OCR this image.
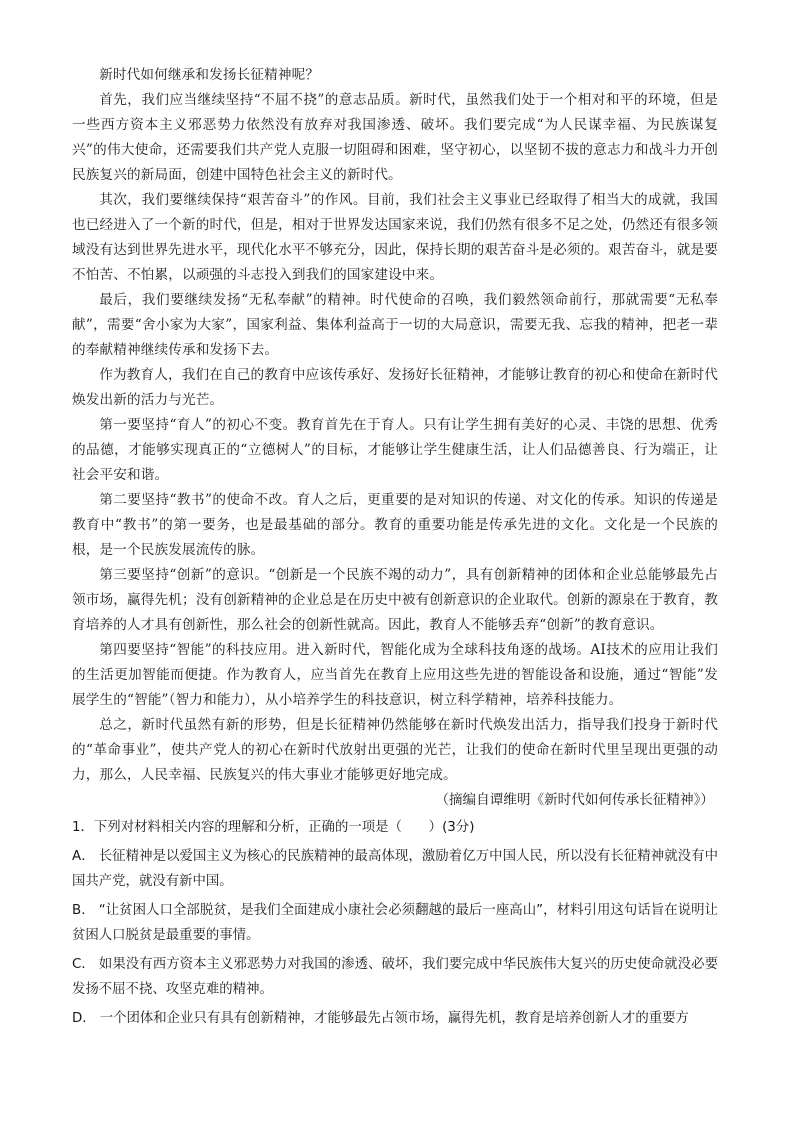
新时代如何继承和发扬长征精神呢？

首先，我们应当继续坚持“不屈不挠”的意志品质。新时代，虽然我们处于一个相对和平的环境，但是一些西方资本主义邪恶势力依然没有放弃对我国渗透、破坏。我们要完成“为人民谋幸福、为民族谋复兴”的伟大使命，还需要我们共产党人克服一切阻碍和困难，坚守初心，以坚韧不拔的意志力和战斗力开创民族复兴的新局面，创建中国特色社会主义的新时代。

其次，我们要继续保持“艰苦奋斗”的作风。目前，我们社会主义事业已经取得了相当大的成就，我国也已经进入了一个新的时代，但是，相对于世界发达国家来说，我们仍然有很多不足之处，仍然还有很多领域没有达到世界先进水平，现代化水平不够充分，因此，保持长期的艰苦奋斗是必须的。艰苦奋斗，就是要不怕苦、不怕累，以顽强的斗志投入到我们的国家建设中来。

最后，我们要继续发扬“无私奉献”的精神。时代使命的召唤，我们毅然领命前行，那就需要“无私奉献”，需要“舍小家为大家”，国家利益、集体利益高于一切的大局意识，需要无我、忘我的精神，把老一辈的奉献精神继续传承和发扬下去。

作为教育人，我们在自己的教育中应该传承好、发扬好长征精神，才能够让教育的初心和使命在新时代焕发出新的活力与光芒。

第一要坚持“育人”的初心不变。教育首先在于育人。只有让学生拥有美好的心灵、丰饶的思想、优秀的品德，才能够实现真正的“立德树人”的目标，才能够让学生健康生活，让人们品德善良、行为端正，让社会平安和谐。

第二要坚持“教书”的使命不改。育人之后，更重要的是对知识的传递、对文化的传承。知识的传递是教育中“教书”的第一要务，也是最基础的部分。教育的重要功能是传承先进的文化。文化是一个民族的根，是一个民族发展流传的脉。

第三要坚持“创新”的意识。“创新是一个民族不竭的动力”，具有创新精神的团体和企业总能够最先占领市场，赢得先机；没有创新精神的企业总是在历史中被有创新意识的企业取代。创新的源泉在于教育，教育培养的人才具有创新性，那么社会的创新性就高。因此，教育人不能够丢弃“创新”的教育意识。

第四要坚持“智能”的科技应用。进入新时代，智能化成为全球科技角逐的战场。AI技术的应用让我们的生活更加智能而便捷。作为教育人，应当首先在教育上应用这些先进的智能设备和设施，通过“智能”发展学生的“智能”（智力和能力），从小培养学生的科技意识，树立科学精神，培养科技能力。

总之，新时代虽然有新的形势，但是长征精神仍然能够在新时代焕发出活力，指导我们投身于新时代的“革命事业”，使共产党人的初心在新时代放射出更强的光芒，让我们的使命在新时代里呈现出更强的动力，那么，人民幸福、民族复兴的伟大事业才能够更好地完成。

（摘编自谭维明《新时代如何传承长征精神》）

1．下列对材料相关内容的理解和分析，正确的一项是（　　）(3分)

A． 长征精神是以爱国主义为核心的民族精神的最高体现，激励着亿万中国人民，所以没有长征精神就没有中国共产党，就没有新中国。

B． “让贫困人口全部脱贫，是我们全面建成小康社会必须翻越的最后一座高山”，材料引用这句话旨在说明让贫困人口脱贫是最重要的事情。

C． 如果没有西方资本主义邪恶势力对我国的渗透、破坏，我们要完成中华民族伟大复兴的历史使命就没必要发扬不屈不挠、攻坚克难的精神。

D． 一个团体和企业只有具有创新精神，才能够最先占领市场，赢得先机，教育是培养创新人才的重要方
